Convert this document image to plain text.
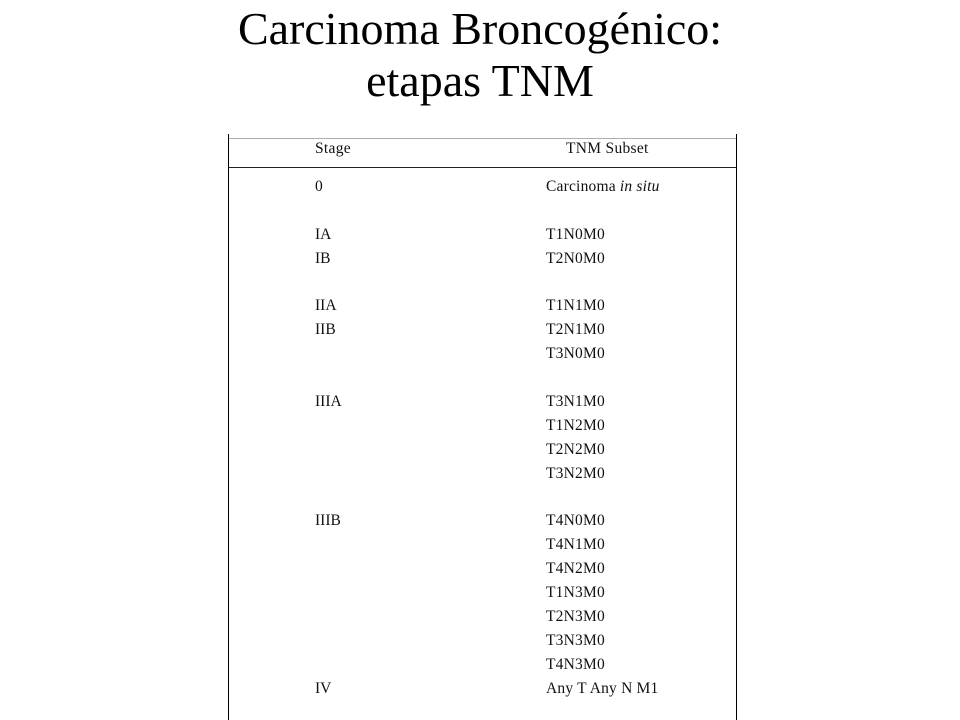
Carcinoma Broncogénico:
etapas TNM
Stage	TNM Subset
0	Carcinoma in situ
IA	T1N0M0
IB	T2N0M0
IIA	T1N1M0
IIB	T2N1M0
T3N0M0
IIIA	T3N1M0
T1N2M0
T2N2M0
T3N2M0
IIIB	T4N0M0
T4N1M0
T4N2M0
T1N3M0
T2N3M0
T3N3M0
T4N3M0
IV	Any T Any N M1
